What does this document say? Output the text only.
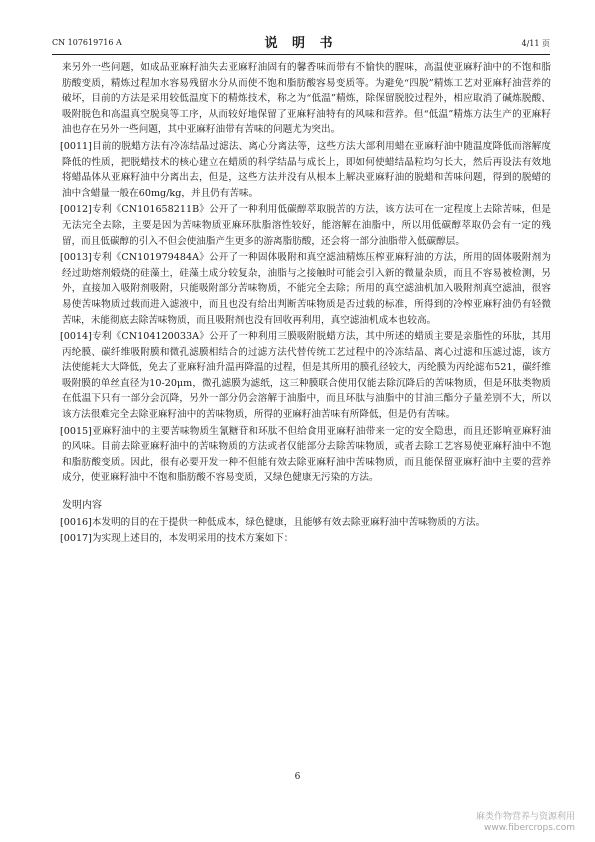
CN 107619716 A	说 明 书	4/11 页

来另外一些问题，如成品亚麻籽油失去亚麻籽油固有的馨香味而带有不愉快的腥味，高温使亚麻籽油中的不饱和脂肪酸变质，精炼过程加水容易残留水分从而使不饱和脂肪酸容易变质等。为避免“四脱”精炼工艺对亚麻籽油营养的破坏，目前的方法是采用较低温度下的精炼技术，称之为“低温”精炼，除保留脱胶过程外，相应取消了碱炼脱酸、吸附脱色和高温真空脱臭等工序，从而较好地保留了亚麻籽油特有的风味和营养。但“低温”精炼方法生产的亚麻籽油也存在另外一些问题，其中亚麻籽油带有苦味的问题尤为突出。

[0011]目前的脱蜡方法有冷冻结晶过滤法、离心分离法等，这些方法大部利用蜡在亚麻籽油中随温度降低而溶解度降低的性质，把脱蜡技术的核心建立在蜡质的科学结晶与成长上，即如何使蜡结晶粒均匀长大，然后再设法有效地将蜡晶体从亚麻籽油中分离出去，但是，这些方法并没有从根本上解决亚麻籽油的脱蜡和苦味问题，得到的脱蜡的油中含蜡量一般在60mg/kg，并且仍有苦味。

[0012]专利《CN101658211B》公开了一种利用低碳醇萃取脱苦的方法，该方法可在一定程度上去除苦味，但是无法完全去除，主要是因为苦味物质亚麻环肽脂溶性较好，能溶解在油脂中，所以用低碳醇萃取仍会有一定的残留，而且低碳醇的引入不但会使油脂产生更多的游离脂肪酸，还会将一部分油脂带入低碳醇层。

[0013]专利《CN101979484A》公开了一种固体吸附和真空滤油精炼压榨亚麻籽油的方法，所用的固体吸附剂为经过助熔剂煅烧的硅藻土，硅藻土成分较复杂，油脂与之接触时可能会引入新的微量杂质，而且不容易被检测，另外，直接加入吸附剂吸附，只能吸附部分苦味物质，不能完全去除；所用的真空滤油机加入吸附剂真空滤油，很容易使苦味物质过载而进入滤液中，而且也没有给出判断苦味物质是否过载的标准，所得到的冷榨亚麻籽油仍有轻微苦味，未能彻底去除苦味物质，而且吸附剂也没有回收再利用，真空滤油机成本也较高。

[0014]专利《CN104120033A》公开了一种利用三膜吸附脱蜡方法，其中所述的蜡质主要是亲脂性的环肽，其用丙纶膜、碳纤维吸附膜和微孔滤膜相结合的过滤方法代替传统工艺过程中的冷冻结晶、离心过滤和压滤过滤，该方法使能耗大大降低，免去了亚麻籽油升温再降温的过程，但是其所用的膜孔径较大，丙纶膜为丙纶滤布521，碳纤维吸附膜的单丝直径为10-20μm，微孔滤膜为滤纸，这三种膜联合使用仅能去除沉降后的苦味物质，但是环肽类物质在低温下只有一部分会沉降，另外一部分仍会溶解于油脂中，而且环肽与油脂中的甘油三酯分子量差别不大，所以该方法很难完全去除亚麻籽油中的苦味物质，所得的亚麻籽油苦味有所降低，但是仍有苦味。

[0015]亚麻籽油中的主要苦味物质生氰糖苷和环肽不但给食用亚麻籽油带来一定的安全隐患，而且还影响亚麻籽油的风味。目前去除亚麻籽油中的苦味物质的方法或者仅能部分去除苦味物质，或者去除工艺容易使亚麻籽油中不饱和脂肪酸变质。因此，很有必要开发一种不但能有效去除亚麻籽油中苦味物质，而且能保留亚麻籽油中主要的营养成分，使亚麻籽油中不饱和脂肪酸不容易变质，又绿色健康无污染的方法。

发明内容

[0016]本发明的目的在于提供一种低成本，绿色健康，且能够有效去除亚麻籽油中苦味物质的方法。

[0017]为实现上述目的，本发明采用的技术方案如下：

6
麻类作物营养与资源利用
www.fibercrops.com
